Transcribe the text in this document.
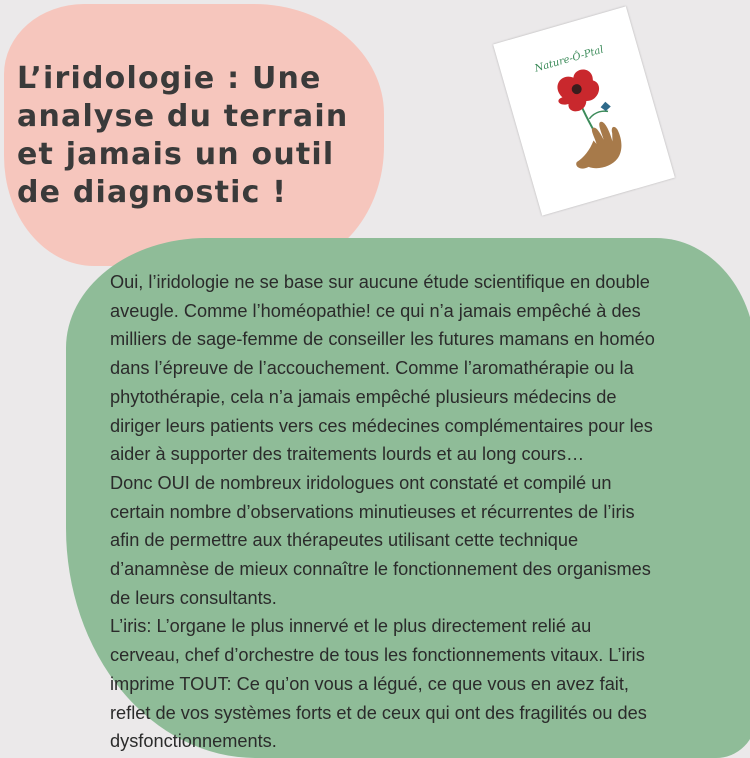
L’iridologie : Une
analyse du terrain
et jamais un outil
de diagnostic !
Nature-Ô-Ptal
Oui, l’iridologie ne se base sur aucune étude scientifique en double
aveugle. Comme l’homéopathie! ce qui n’a jamais empêché à des
milliers de sage-femme de conseiller les futures mamans en homéo
dans l’épreuve de l’accouchement. Comme l’aromathérapie ou la
phytothérapie, cela n’a jamais empêché plusieurs médecins de
diriger leurs patients vers ces médecines complémentaires pour les
aider à supporter des traitements lourds et au long cours…
Donc OUI de nombreux iridologues ont constaté et compilé un
certain nombre d’observations minutieuses et récurrentes de l’iris
afin de permettre aux thérapeutes utilisant cette technique
d’anamnèse de mieux connaître le fonctionnement des organismes
de leurs consultants.
L’iris: L’organe le plus innervé et le plus directement relié au
cerveau, chef d’orchestre de tous les fonctionnements vitaux. L’iris
imprime TOUT: Ce qu’on vous a légué, ce que vous en avez fait,
reflet de vos systèmes forts et de ceux qui ont des fragilités ou des
dysfonctionnements.
